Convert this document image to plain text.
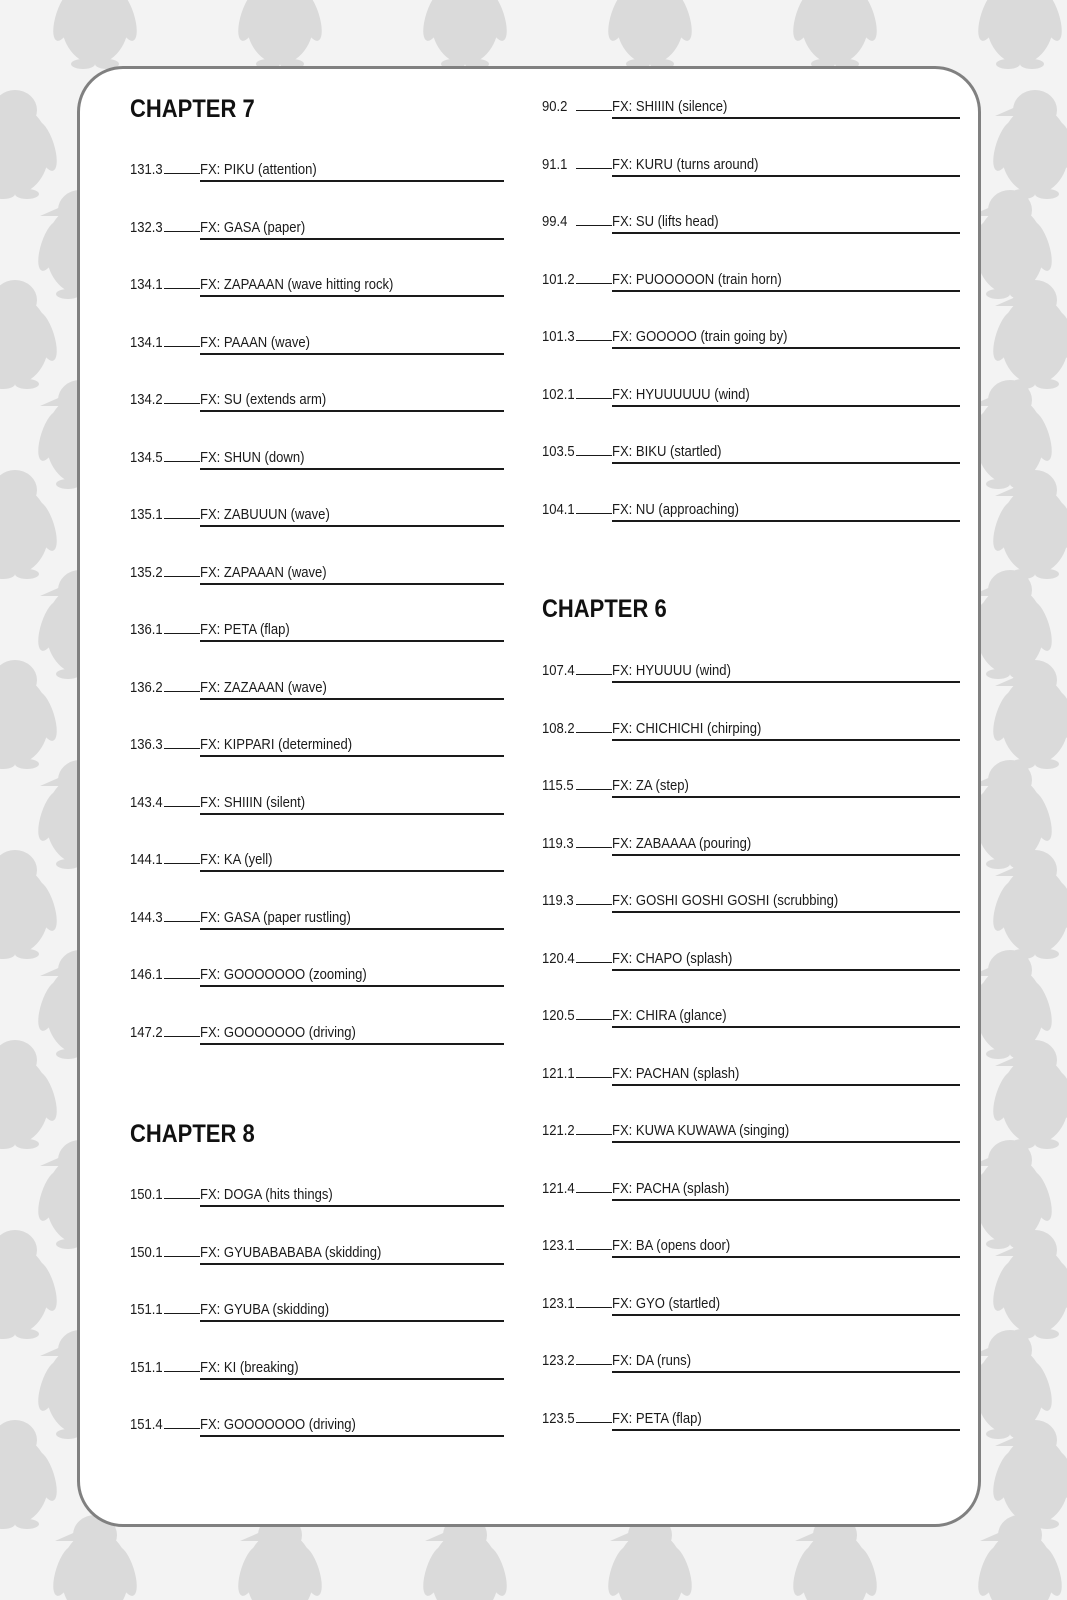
CHAPTER 7
131.3	FX: PIKU (attention)
132.3	FX: GASA (paper)
134.1	FX: ZAPAAAN (wave hitting rock)
134.1	FX: PAAAN (wave)
134.2	FX: SU (extends arm)
134.5	FX: SHUN (down)
135.1	FX: ZABUUUN (wave)
135.2	FX: ZAPAAAN (wave)
136.1	FX: PETA (flap)
136.2	FX: ZAZAAAN (wave)
136.3	FX: KIPPARI (determined)
143.4	FX: SHIIIN (silent)
144.1	FX: KA (yell)
144.3	FX: GASA (paper rustling)
146.1	FX: GOOOOOOO (zooming)
147.2	FX: GOOOOOOO (driving)
CHAPTER 8
150.1	FX: DOGA (hits things)
150.1	FX: GYUBABABABA (skidding)
151.1	FX: GYUBA (skidding)
151.1	FX: KI (breaking)
151.4	FX: GOOOOOOO (driving)
90.2	FX: SHIIIN (silence)
91.1	FX: KURU (turns around)
99.4	FX: SU (lifts head)
101.2	FX: PUOOOOON (train horn)
101.3	FX: GOOOOO (train going by)
102.1	FX: HYUUUUUU (wind)
103.5	FX: BIKU (startled)
104.1	FX: NU (approaching)
CHAPTER 6
107.4	FX: HYUUUU (wind)
108.2	FX: CHICHICHI (chirping)
115.5	FX: ZA (step)
119.3	FX: ZABAAAA (pouring)
119.3	FX: GOSHI GOSHI GOSHI (scrubbing)
120.4	FX: CHAPO (splash)
120.5	FX: CHIRA (glance)
121.1	FX: PACHAN (splash)
121.2	FX: KUWA KUWAWA (singing)
121.4	FX: PACHA (splash)
123.1	FX: BA (opens door)
123.1	FX: GYO (startled)
123.2	FX: DA (runs)
123.5	FX: PETA (flap)
